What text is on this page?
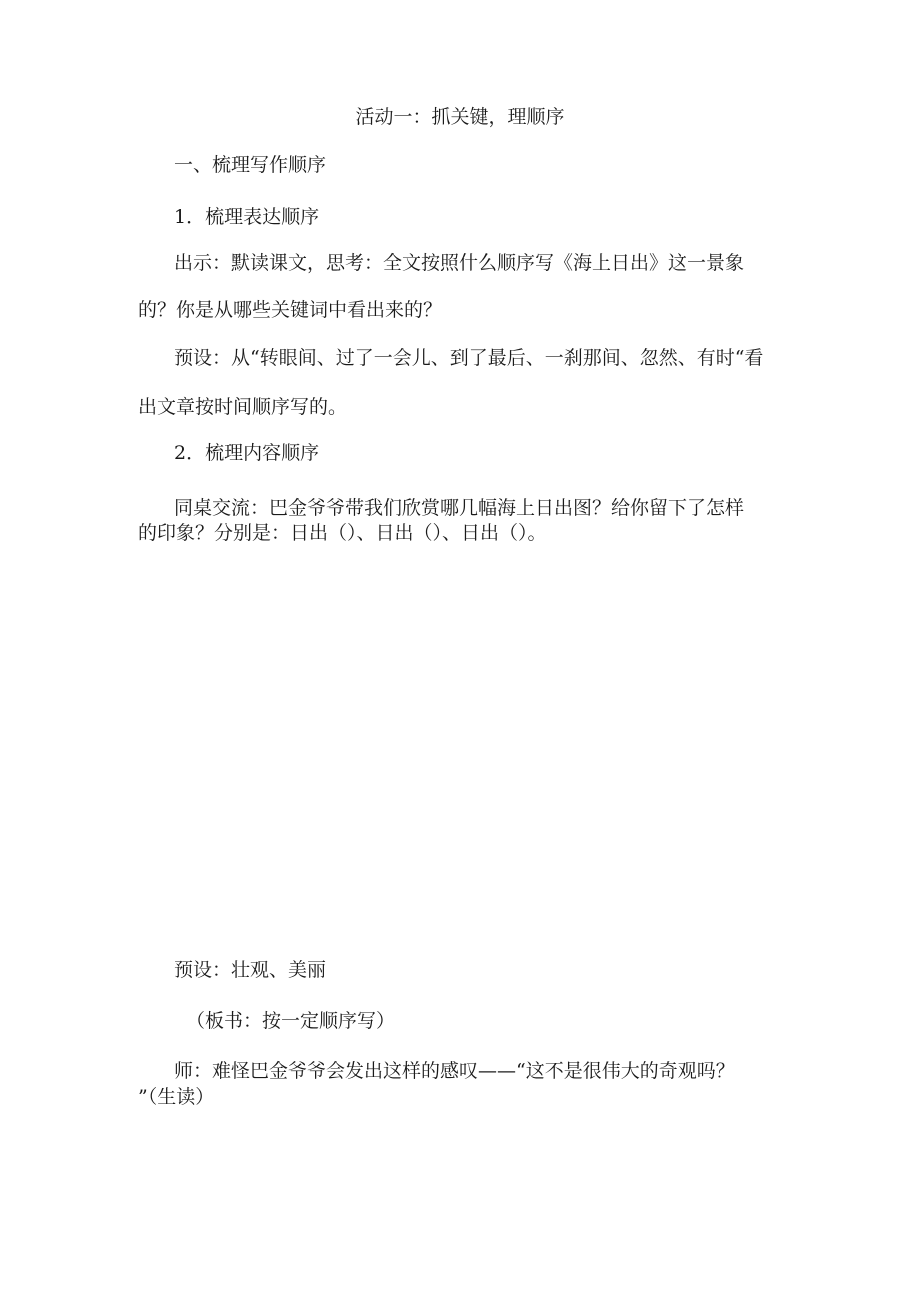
活动一：抓关键，理顺序

一、梳理写作顺序

1．梳理表达顺序

出示：默读课文，思考：全文按照什么顺序写《海上日出》这一景象

的？你是从哪些关键词中看出来的？

预设：从“转眼间、过了一会儿、到了最后、一刹那间、忽然、有时“看

出文章按时间顺序写的。

2．梳理内容顺序

同桌交流：巴金爷爷带我们欣赏哪几幅海上日出图？给你留下了怎样

的印象？分别是：日出（）、日出（）、日出（）。

预设：壮观、美丽

（板书：按一定顺序写）

师：难怪巴金爷爷会发出这样的感叹——“这不是很伟大的奇观吗？

”（生读）
